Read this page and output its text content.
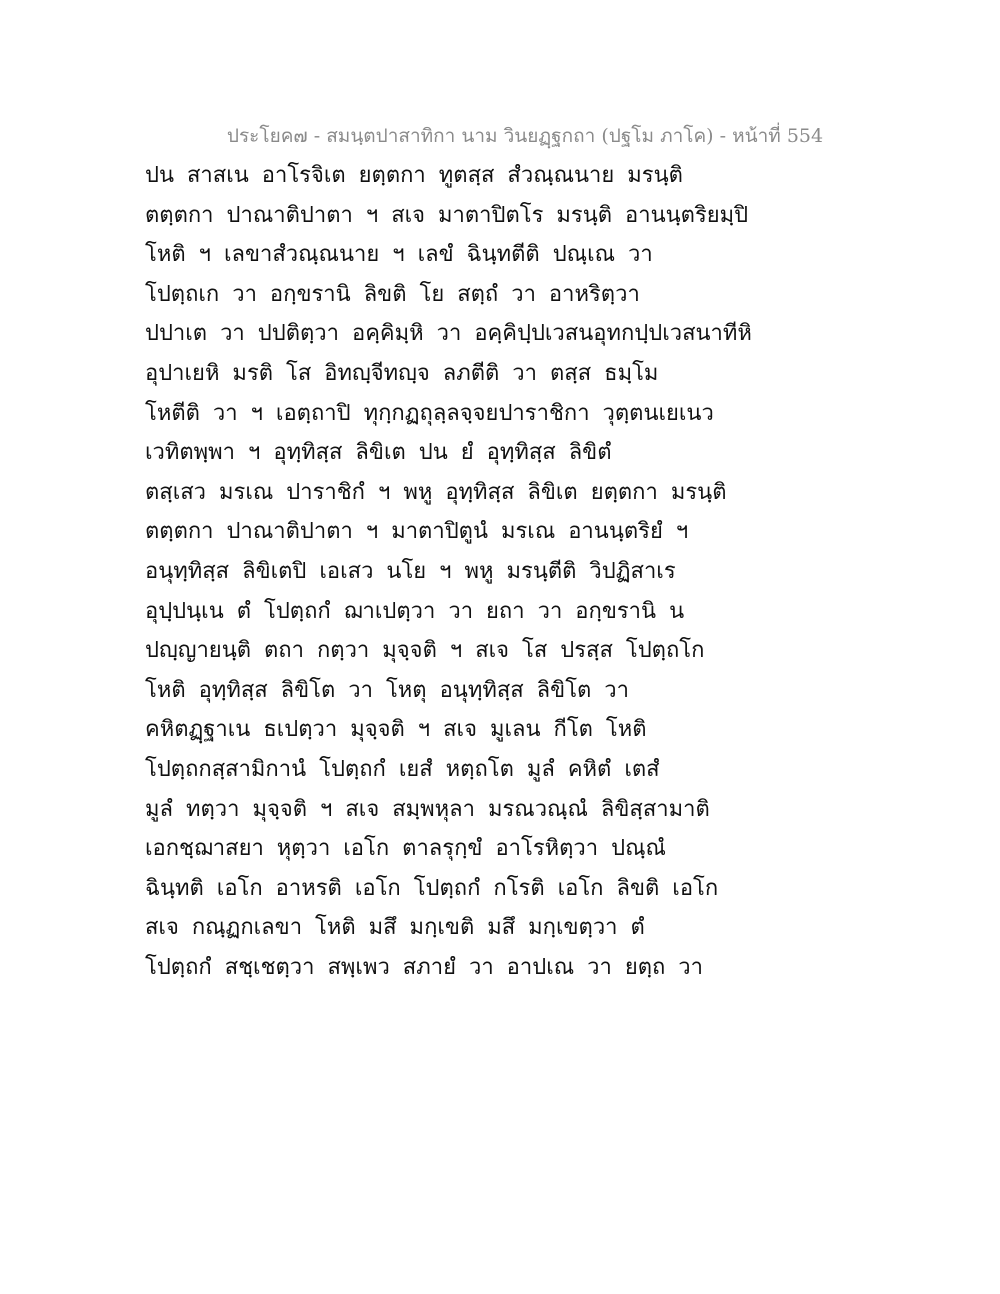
ประโยค๗ - สมนฺตปาสาทิกา นาม วินยฏฺฐกถา (ปฐโม ภาโค) - หน้าที่ 554
ปน สาสเน อาโรจิเต ยตฺตกา ทูตสฺส สํวณฺณนาย มรนฺติ
ตตฺตกา ปาณาติปาตา ฯ สเจ มาตาปิตโร มรนฺติ อานนฺตริยมฺปิ
โหติ ฯ เลขาสํวณฺณนาย ฯ เลขํ ฉินฺทตีติ ปณฺเณ วา
โปตฺถเก วา อกฺขรานิ ลิขติ โย สตฺถํ วา อาหริตฺวา
ปปาเต วา ปปติตฺวา อคฺคิมฺหิ วา อคฺคิปฺปเวสนอุทกปฺปเวสนาทีหิ
อุปาเยหิ มรติ โส อิทญฺจีทญฺจ ลภตีติ วา ตสฺส ธมฺโม
โหตีติ วา ฯ เอตฺถาปิ ทุกฺกฏถุลฺลจฺจยปาราชิกา วุตฺตนเยเนว
เวทิตพฺพา ฯ อุทฺทิสฺส ลิขิเต ปน ยํ อุทฺทิสฺส ลิขิตํ
ตสฺเสว มรเณ ปาราชิกํ ฯ พหู อุทฺทิสฺส ลิขิเต ยตฺตกา มรนฺติ
ตตฺตกา ปาณาติปาตา ฯ มาตาปิตูนํ มรเณ อานนฺตริยํ ฯ
อนุทฺทิสฺส ลิขิเตปิ เอเสว นโย ฯ พหู มรนฺตีติ วิปฏิสาเร
อุปฺปนฺเน ตํ โปตฺถกํ ฌาเปตฺวา วา ยถา วา อกฺขรานิ น
ปญฺญายนฺติ ตถา กตฺวา มุจฺจติ ฯ สเจ โส ปรสฺส โปตฺถโก
โหติ อุทฺทิสฺส ลิขิโต วา โหตุ อนุทฺทิสฺส ลิขิโต วา
คหิตฏฺฐาเน ธเปตฺวา มุจฺจติ ฯ สเจ มูเลน กีโต โหติ
โปตฺถกสฺสามิกานํ โปตฺถกํ เยสํ หตฺถโต มูลํ คหิตํ เตสํ
มูลํ ทตฺวา มุจฺจติ ฯ สเจ สมฺพหุลา มรณวณฺณํ ลิขิสฺสามาติ
เอกชฺฌาสยา หุตฺวา เอโก ตาลรุกฺขํ อาโรหิตฺวา ปณฺณํ
ฉินฺทติ เอโก อาหรติ เอโก โปตฺถกํ กโรติ เอโก ลิขติ เอโก
สเจ กณฺฏกเลขา โหติ มสึ มกฺเขติ มสึ มกฺเขตฺวา ตํ
โปตฺถกํ สชฺเชตฺวา สพฺเพว สภายํ วา อาปเณ วา ยตฺถ วา
